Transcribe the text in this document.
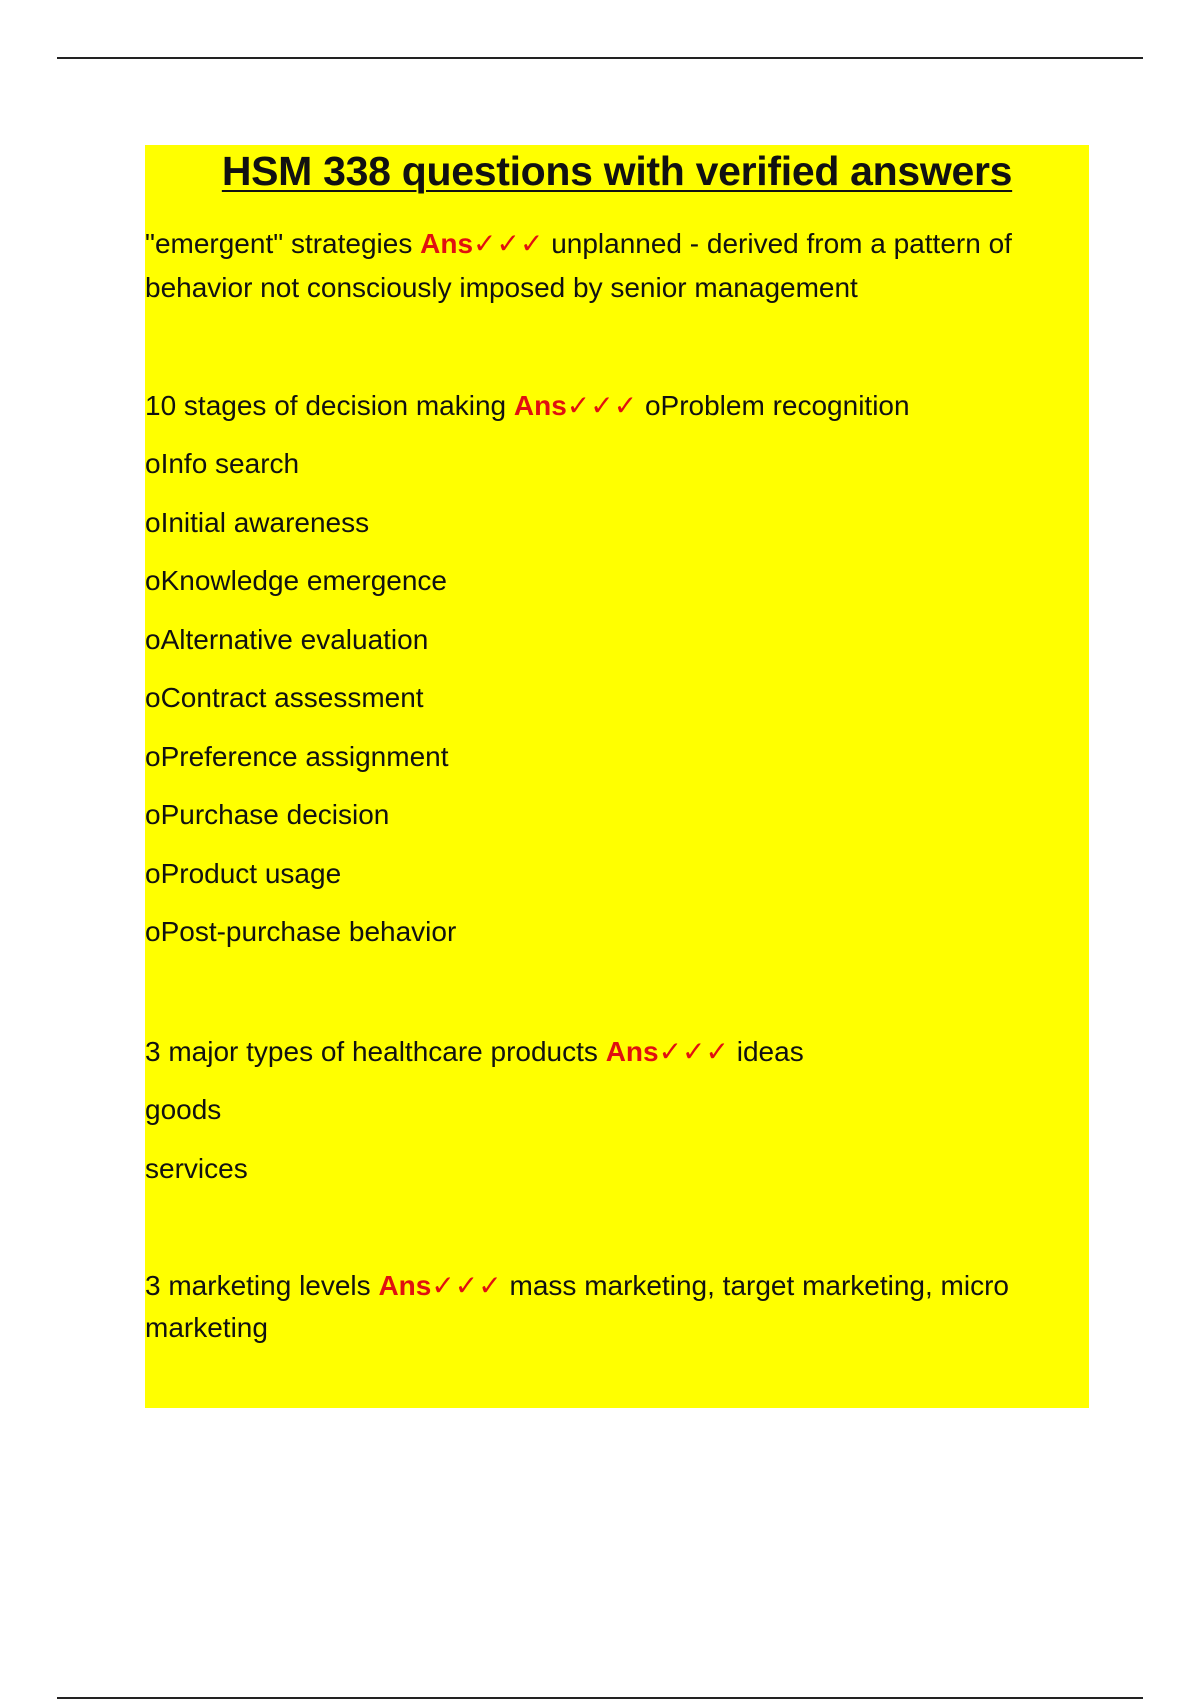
HSM 338 questions with verified answers
"emergent" strategies Ans✓✓✓ unplanned - derived from a pattern of
behavior not consciously imposed by senior management
10 stages of decision making Ans✓✓✓ oProblem recognition
oInfo search
oInitial awareness
oKnowledge emergence
oAlternative evaluation
oContract assessment
oPreference assignment
oPurchase decision
oProduct usage
oPost-purchase behavior
3 major types of healthcare products Ans✓✓✓ ideas
goods
services
3 marketing levels Ans✓✓✓ mass marketing, target marketing, micro
marketing
